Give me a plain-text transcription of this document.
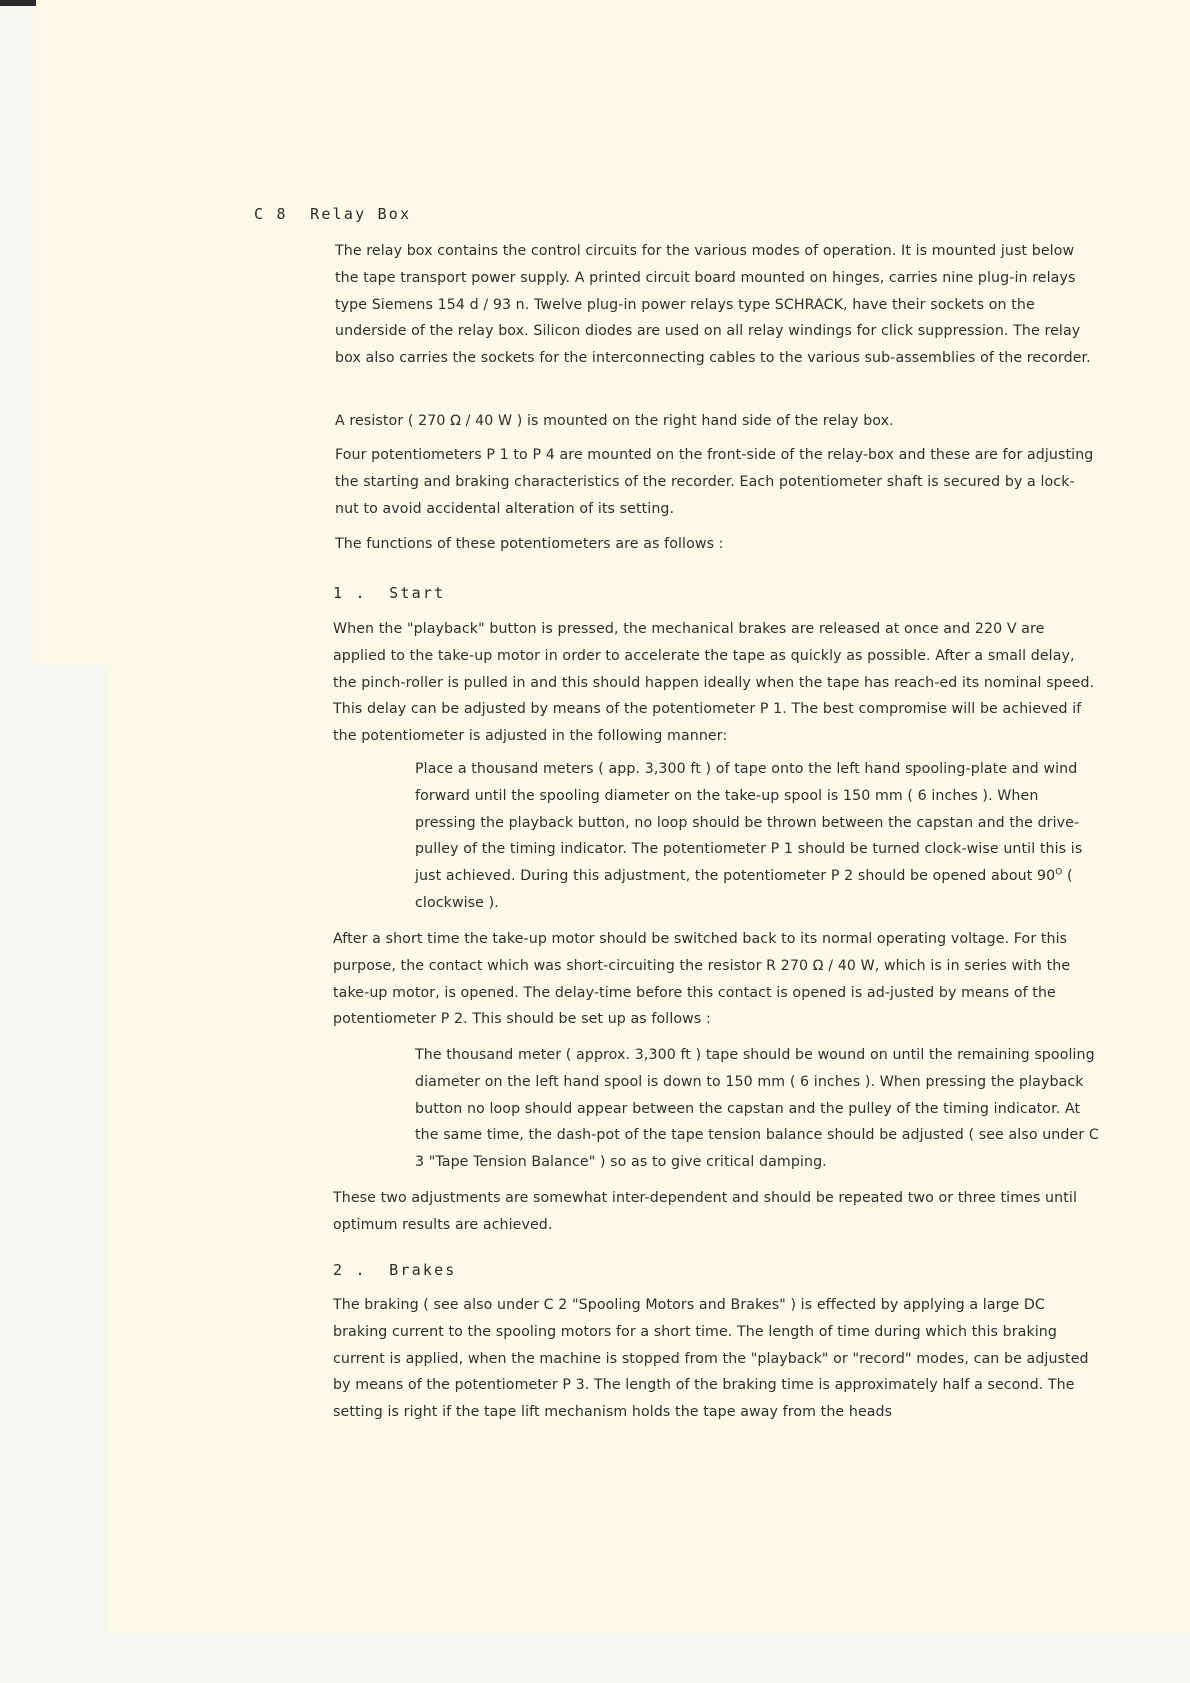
C 8  Relay Box

The relay box contains the control circuits for the various modes of operation. It is mounted just below the tape transport power supply. A printed circuit board mounted on hinges, carries nine plug-in relays type Siemens 154 d / 93 n. Twelve plug-in power relays type SCHRACK, have their sockets on the underside of the relay box. Silicon diodes are used on all relay windings for click suppression. The relay box also carries the sockets for the interconnecting cables to the various sub-assemblies of the recorder.

A resistor ( 270 Ω / 40 W ) is mounted on the right hand side of the relay box.

Four potentiometers P 1 to P 4 are mounted on the front-side of the relay-box and these are for adjusting the starting and braking characteristics of the recorder. Each potentiometer shaft is secured by a lock-nut to avoid accidental alteration of its setting.

The functions of these potentiometers are as follows :

1 .  Start

When the "playback" button is pressed, the mechanical brakes are released at once and 220 V are applied to the take-up motor in order to accelerate the tape as quickly as possible. After a small delay, the pinch-roller is pulled in and this should happen ideally when the tape has reach-ed its nominal speed. This delay can be adjusted by means of the potentiometer P 1. The best compromise will be achieved if the potentiometer is adjusted in the following manner:

Place a thousand meters ( app. 3,300 ft ) of tape onto the left hand spooling-plate and wind forward until the spooling diameter on the take-up spool is 150 mm ( 6 inches ). When pressing the playback button, no loop should be thrown between the capstan and the drive-pulley of the timing indicator. The potentiometer P 1 should be turned clock-wise until this is just achieved. During this adjustment, the potentiometer P 2 should be opened about $90^O$ ( clockwise ).

After a short time the take-up motor should be switched back to its normal operating voltage. For this purpose, the contact which was short-circuiting the resistor R 270 Ω / 40 W, which is in series with the take-up motor, is opened. The delay-time before this contact is opened is ad-justed by means of the potentiometer P 2. This should be set up as follows :

The thousand meter ( approx. 3,300 ft ) tape should be wound on until the remaining spooling diameter on the left hand spool is down to 150 mm ( 6 inches ). When pressing the playback button no loop should appear between the capstan and the pulley of the timing indicator. At the same time, the dash-pot of the tape tension balance should be adjusted ( see also under C 3 "Tape Tension Balance" ) so as to give critical damping.

These two adjustments are somewhat inter-dependent and should be repeated two or three times until optimum results are achieved.

2 .  Brakes

The braking ( see also under C 2 "Spooling Motors and Brakes" ) is effected by applying a large DC braking current to the spooling motors for a short time. The length of time during which this braking current is applied, when the machine is stopped from the "playback" or "record" modes, can be adjusted by means of the potentiometer P 3. The length of the braking time is approximately half a second. The setting is right if the tape lift mechanism holds the tape away from the heads
